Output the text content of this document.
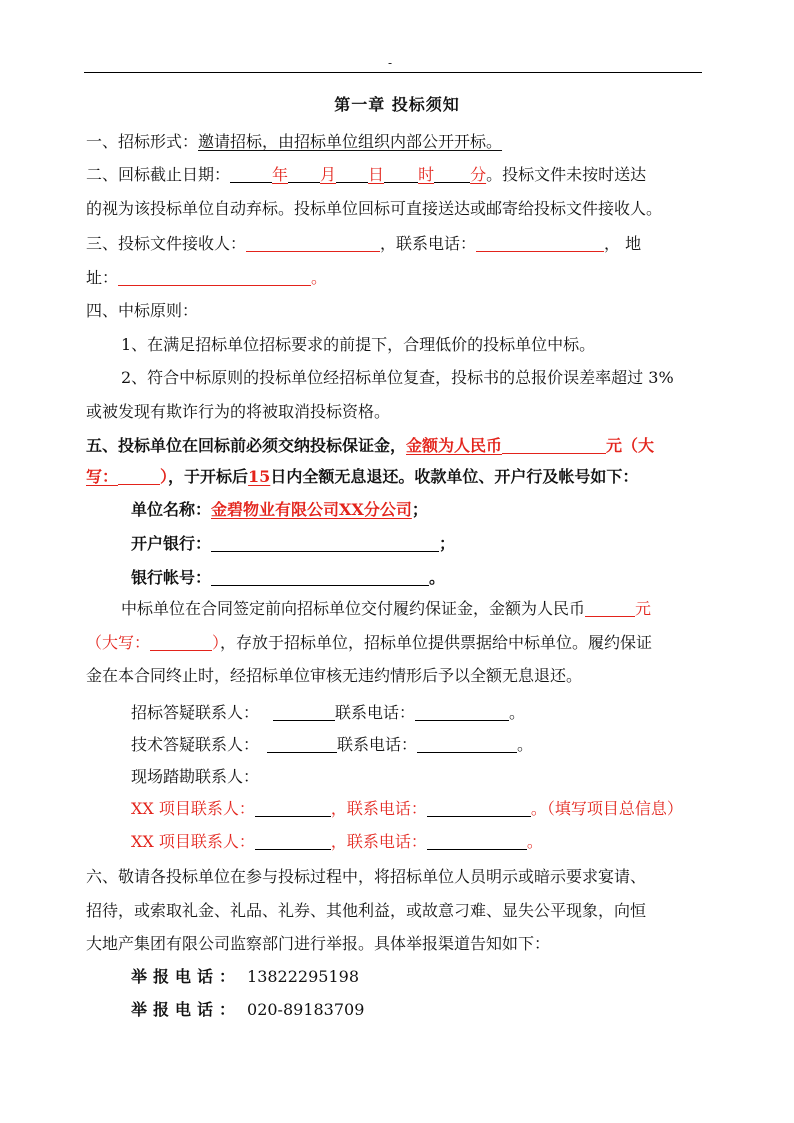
-
第一章 投标须知
一、招标形式：邀请招标，由招标单位组织内部公开开标。
二、回标截止日期：	年 月 日 时 分。投标文件未按时送达
的视为该投标单位自动弃标。投标单位回标可直接送达或邮寄给投标文件接收人。
三、投标文件接收人：	，联系电话：	， 地
址：	。
四、中标原则：
1、在满足招标单位招标要求的前提下，合理低价的投标单位中标。
2、符合中标原则的投标单位经招标单位复查，投标书的总报价误差率超过 3%
或被发现有欺诈行为的将被取消投标资格。
五、投标单位在回标前必须交纳投标保证金，金额为人民币	元（大
写：	），于开标后15日内全额无息退还。收款单位、开户行及帐号如下：
单位名称：金碧物业有限公司XX分公司；
开户银行：	；
银行帐号：	。
中标单位在合同签定前向招标单位交付履约保证金，金额为人民币	元
（大写：	），存放于招标单位，招标单位提供票据给中标单位。履约保证
金在本合同终止时，经招标单位审核无违约情形后予以全额无息退还。
招标答疑联系人：	联系电话：	。
技术答疑联系人：	联系电话：	。
现场踏勘联系人：
XX 项目联系人：	，联系电话：	。（填写项目总信息）
XX 项目联系人：	，联系电话：	。
六、敬请各投标单位在参与投标过程中，将招标单位人员明示或暗示要求宴请、
招待，或索取礼金、礼品、礼券、其他利益，或故意刁难、显失公平现象，向恒
大地产集团有限公司监察部门进行举报。具体举报渠道告知如下：
举报电话： 13822295198
举报电话： 020-89183709
